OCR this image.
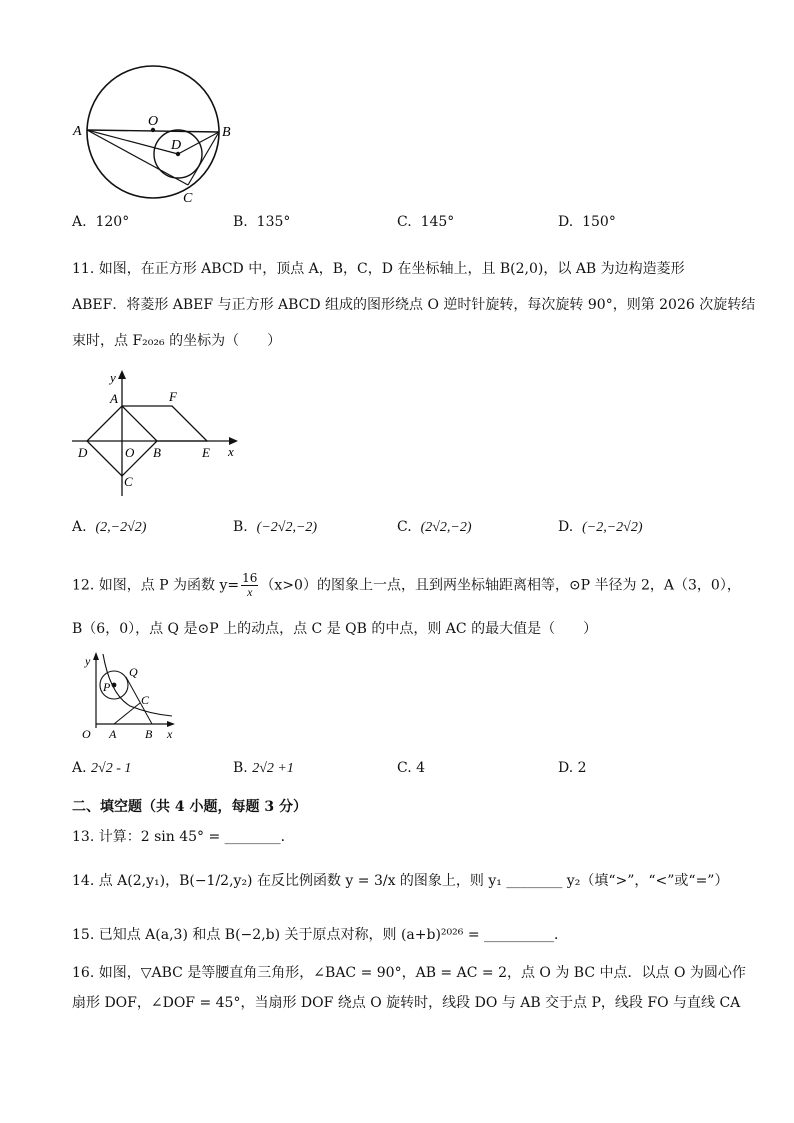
A	B
O
D
C
A. 120°	B. 135°	C. 145°	D. 150°
11. 如图，在正方形 ABCD 中，顶点 A，B，C，D 在坐标轴上，且 B(2,0)，以 AB 为边构造菱形
ABEF．将菱形 ABEF 与正方形 ABCD 组成的图形绕点 O 逆时针旋转，每次旋转 90°，则第 2026 次旋转结
束时，点 F₂₀₂₆ 的坐标为（　　）
y
x
A	F
D	O B	E
C
A. (2,−2√2)	B. (−2√2,−2)	C. (2√2,−2)	D. (−2,−2√2)
12. 如图，点 P 为函数 $y= \frac{16}{x} (x>0)$的图象上一点，且到两坐标轴距离相等，⊙P 半径为 2，A（3，0），
B（6，0），点 Q 是⊙P 上的动点，点 C 是 QB 的中点，则 AC 的最大值是（　　）
y
Q
P
C
O A B x
A. 2√2 - 1	B. 2√2 +1	C. 4	D. 2
二、填空题（共 4 小题，每题 3 分）
13. 计算：2 sin 45° = ________．
14. 点 A(2,y₁)，B(−1/2,y₂) 在反比例函数 y = 3/x 的图象上，则 y₁ ________ y₂（填“>”，“<”或“=”）
15. 已知点 A(a,3) 和点 B(−2,b) 关于原点对称，则 (a+b)²⁰²⁶ = __________．
16. 如图，▽ABC 是等腰直角三角形，∠BAC = 90°，AB = AC = 2，点 O 为 BC 中点．以点 O 为圆心作
扇形 DOF，∠DOF = 45°，当扇形 DOF 绕点 O 旋转时，线段 DO 与 AB 交于点 P，线段 FO 与直线 CA
